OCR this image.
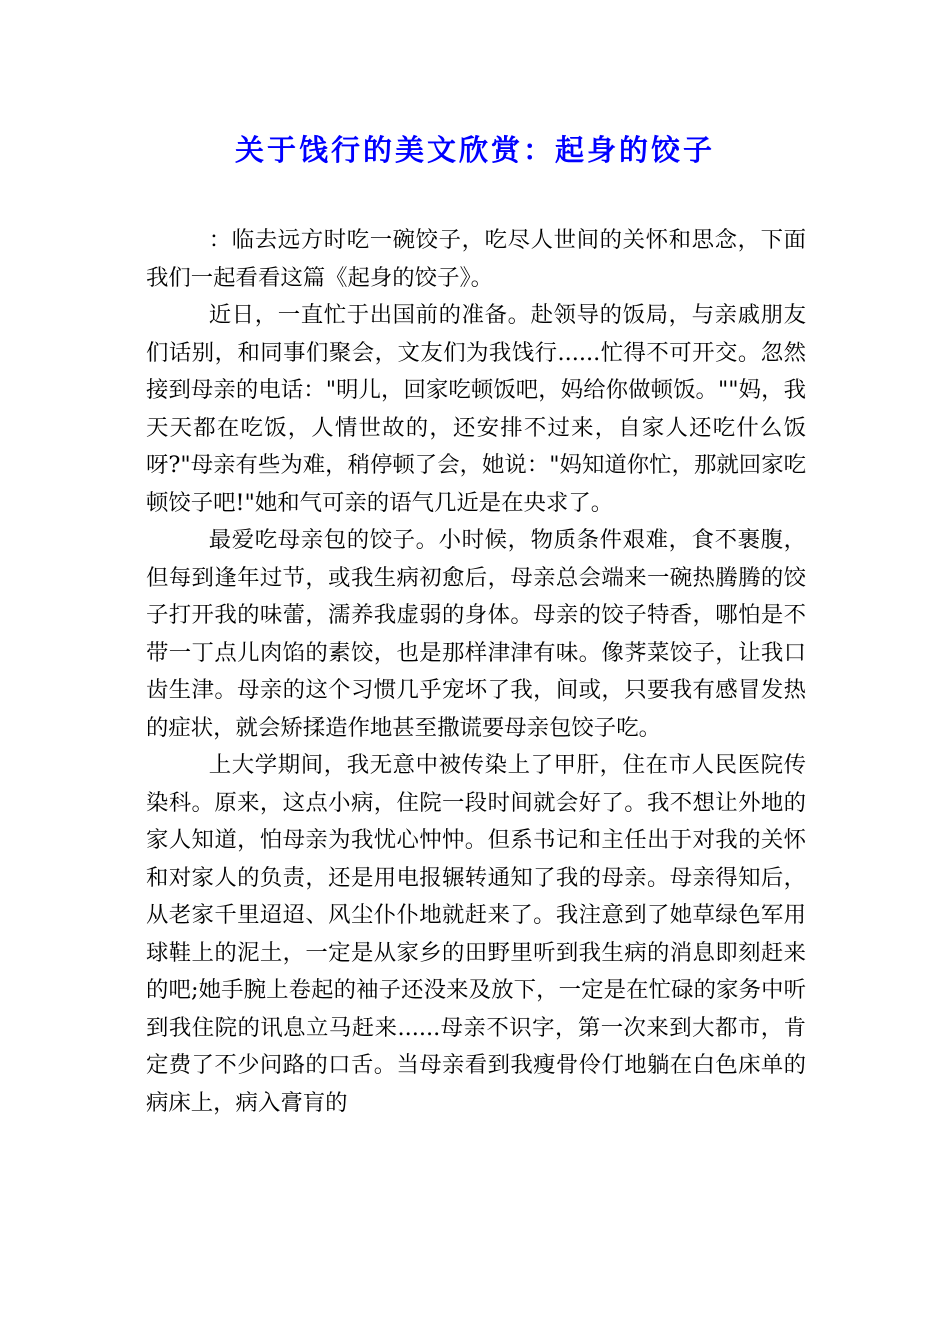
关于饯行的美文欣赏：起身的饺子

：临去远方时吃一碗饺子，吃尽人世间的关怀和思念，下面我们一起看看这篇《起身的饺子》。

近日，一直忙于出国前的准备。赴领导的饭局，与亲戚朋友们话别，和同事们聚会，文友们为我饯行......忙得不可开交。忽然接到母亲的电话："明儿，回家吃顿饭吧，妈给你做顿饭。""妈，我天天都在吃饭，人情世故的，还安排不过来，自家人还吃什么饭呀?"母亲有些为难，稍停顿了会，她说："妈知道你忙，那就回家吃顿饺子吧!"她和气可亲的语气几近是在央求了。

最爱吃母亲包的饺子。小时候，物质条件艰难，食不裹腹，但每到逢年过节，或我生病初愈后，母亲总会端来一碗热腾腾的饺子打开我的味蕾，濡养我虚弱的身体。母亲的饺子特香，哪怕是不带一丁点儿肉馅的素饺，也是那样津津有味。像荠菜饺子，让我口齿生津。母亲的这个习惯几乎宠坏了我，间或，只要我有感冒发热的症状，就会矫揉造作地甚至撒谎要母亲包饺子吃。

上大学期间，我无意中被传染上了甲肝，住在市人民医院传染科。原来，这点小病，住院一段时间就会好了。我不想让外地的家人知道，怕母亲为我忧心忡忡。但系书记和主任出于对我的关怀和对家人的负责，还是用电报辗转通知了我的母亲。母亲得知后，从老家千里迢迢、风尘仆仆地就赶来了。我注意到了她草绿色军用球鞋上的泥土，一定是从家乡的田野里听到我生病的消息即刻赶来的吧;她手腕上卷起的袖子还没来及放下，一定是在忙碌的家务中听到我住院的讯息立马赶来......母亲不识字，第一次来到大都市，肯定费了不少问路的口舌。当母亲看到我瘦骨伶仃地躺在白色床单的病床上，病入膏肓的
